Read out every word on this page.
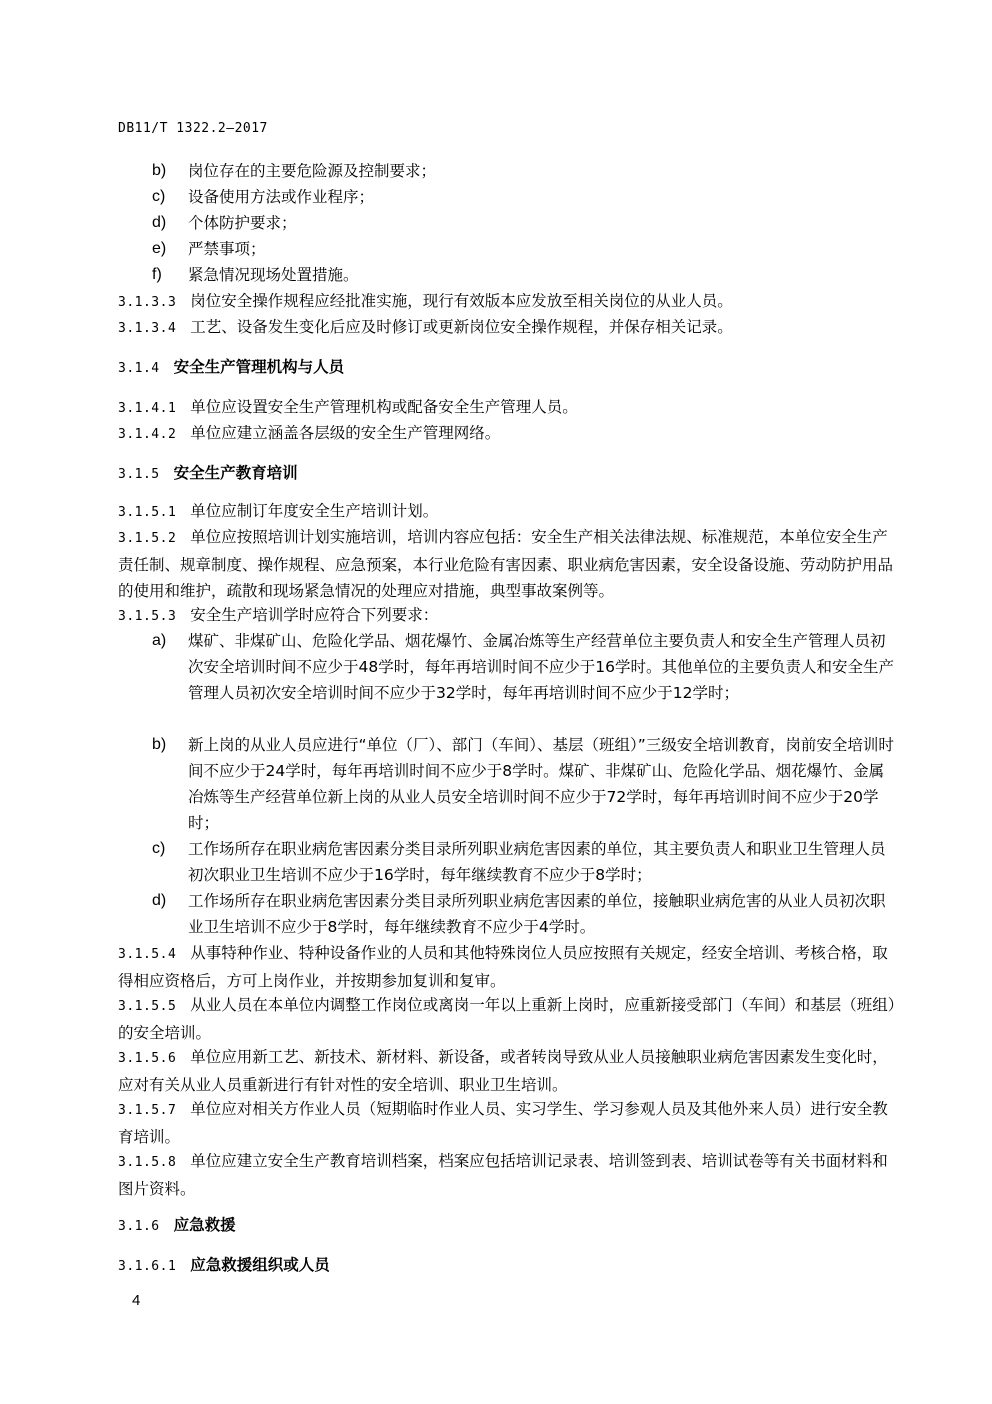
DB11/T 1322.2—2017
b)	岗位存在的主要危险源及控制要求；
c)	设备使用方法或作业程序；
d)	个体防护要求；
e)	严禁事项；
f)	紧急情况现场处置措施。
3.1.3.3 岗位安全操作规程应经批准实施，现行有效版本应发放至相关岗位的从业人员。
3.1.3.4 工艺、设备发生变化后应及时修订或更新岗位安全操作规程，并保存相关记录。
3.1.4 安全生产管理机构与人员
3.1.4.1 单位应设置安全生产管理机构或配备安全生产管理人员。
3.1.4.2 单位应建立涵盖各层级的安全生产管理网络。
3.1.5 安全生产教育培训
3.1.5.1 单位应制订年度安全生产培训计划。
3.1.5.2 单位应按照培训计划实施培训，培训内容应包括：安全生产相关法律法规、标准规范，本单位安全生产责任制、规章制度、操作规程、应急预案，本行业危险有害因素、职业病危害因素，安全设备设施、劳动防护用品的使用和维护，疏散和现场紧急情况的处理应对措施，典型事故案例等。
3.1.5.3 安全生产培训学时应符合下列要求：
a)	煤矿、非煤矿山、危险化学品、烟花爆竹、金属冶炼等生产经营单位主要负责人和安全生产管理人员初次安全培训时间不应少于48学时，每年再培训时间不应少于16学时。其他单位的主要负责人和安全生产管理人员初次安全培训时间不应少于32学时，每年再培训时间不应少于12学时；
b)	新上岗的从业人员应进行“单位（厂）、部门（车间）、基层（班组）”三级安全培训教育，岗前安全培训时间不应少于24学时，每年再培训时间不应少于8学时。煤矿、非煤矿山、危险化学品、烟花爆竹、金属冶炼等生产经营单位新上岗的从业人员安全培训时间不应少于72学时，每年再培训时间不应少于20学时；
c)	工作场所存在职业病危害因素分类目录所列职业病危害因素的单位，其主要负责人和职业卫生管理人员初次职业卫生培训不应少于16学时，每年继续教育不应少于8学时；
d)	工作场所存在职业病危害因素分类目录所列职业病危害因素的单位，接触职业病危害的从业人员初次职业卫生培训不应少于8学时，每年继续教育不应少于4学时。
3.1.5.4 从事特种作业、特种设备作业的人员和其他特殊岗位人员应按照有关规定，经安全培训、考核合格，取得相应资格后，方可上岗作业，并按期参加复训和复审。
3.1.5.5 从业人员在本单位内调整工作岗位或离岗一年以上重新上岗时，应重新接受部门（车间）和基层（班组）的安全培训。
3.1.5.6 单位应用新工艺、新技术、新材料、新设备，或者转岗导致从业人员接触职业病危害因素发生变化时，应对有关从业人员重新进行有针对性的安全培训、职业卫生培训。
3.1.5.7 单位应对相关方作业人员（短期临时作业人员、实习学生、学习参观人员及其他外来人员）进行安全教育培训。
3.1.5.8 单位应建立安全生产教育培训档案，档案应包括培训记录表、培训签到表、培训试卷等有关书面材料和图片资料。
3.1.6 应急救援
3.1.6.1 应急救援组织或人员
4
